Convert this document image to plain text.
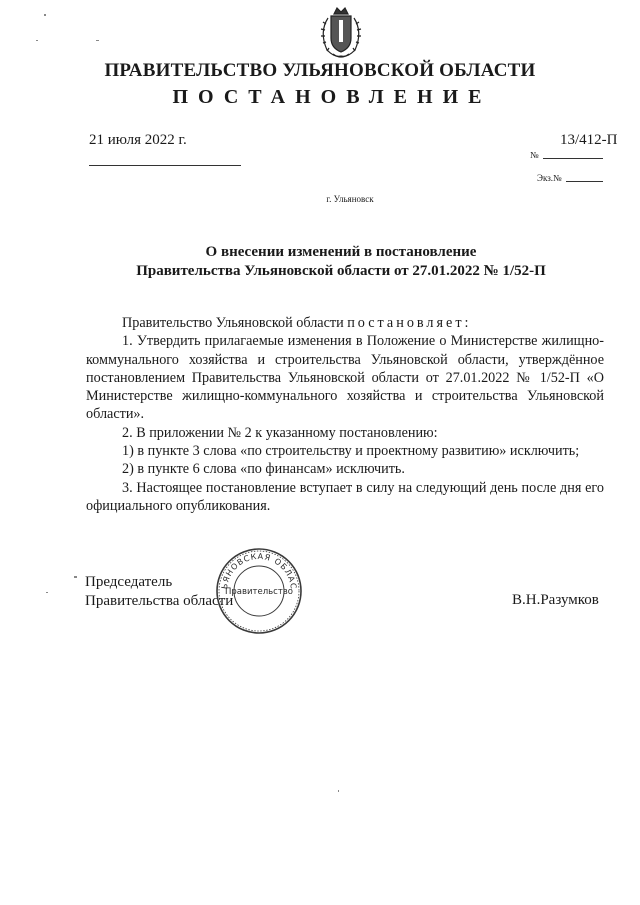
ПРАВИТЕЛЬСТВО УЛЬЯНОВСКОЙ ОБЛАСТИ
ПОСТАНОВЛЕНИЕ
21 июля 2022 г.	13/412-П
№
Экз.№
г. Ульяновск
О внесении изменений в постановление
Правительства Ульяновской области от 27.01.2022 № 1/52-П

Правительство Ульяновской области постановляет:

1. Утвердить прилагаемые изменения в Положение о Министерстве жилищно-коммунального хозяйства и строительства Ульяновской области, утверждённое постановлением Правительства Ульяновской области от 27.01.2022 № 1/52-П «О Министерстве жилищно-коммунального хозяйства и строительства Ульяновской области».

2. В приложении № 2 к указанному постановлению:

1) в пункте 3 слова «по строительству и проектному развитию» исключить;

2) в пункте 6 слова «по финансам» исключить.

3. Настоящее постановление вступает в силу на следующий день после дня его официального опубликования.

Председатель
Правительства области
ЬЯНОВСКАЯ ОБЛАС
Правительство	В.Н.Разумков
